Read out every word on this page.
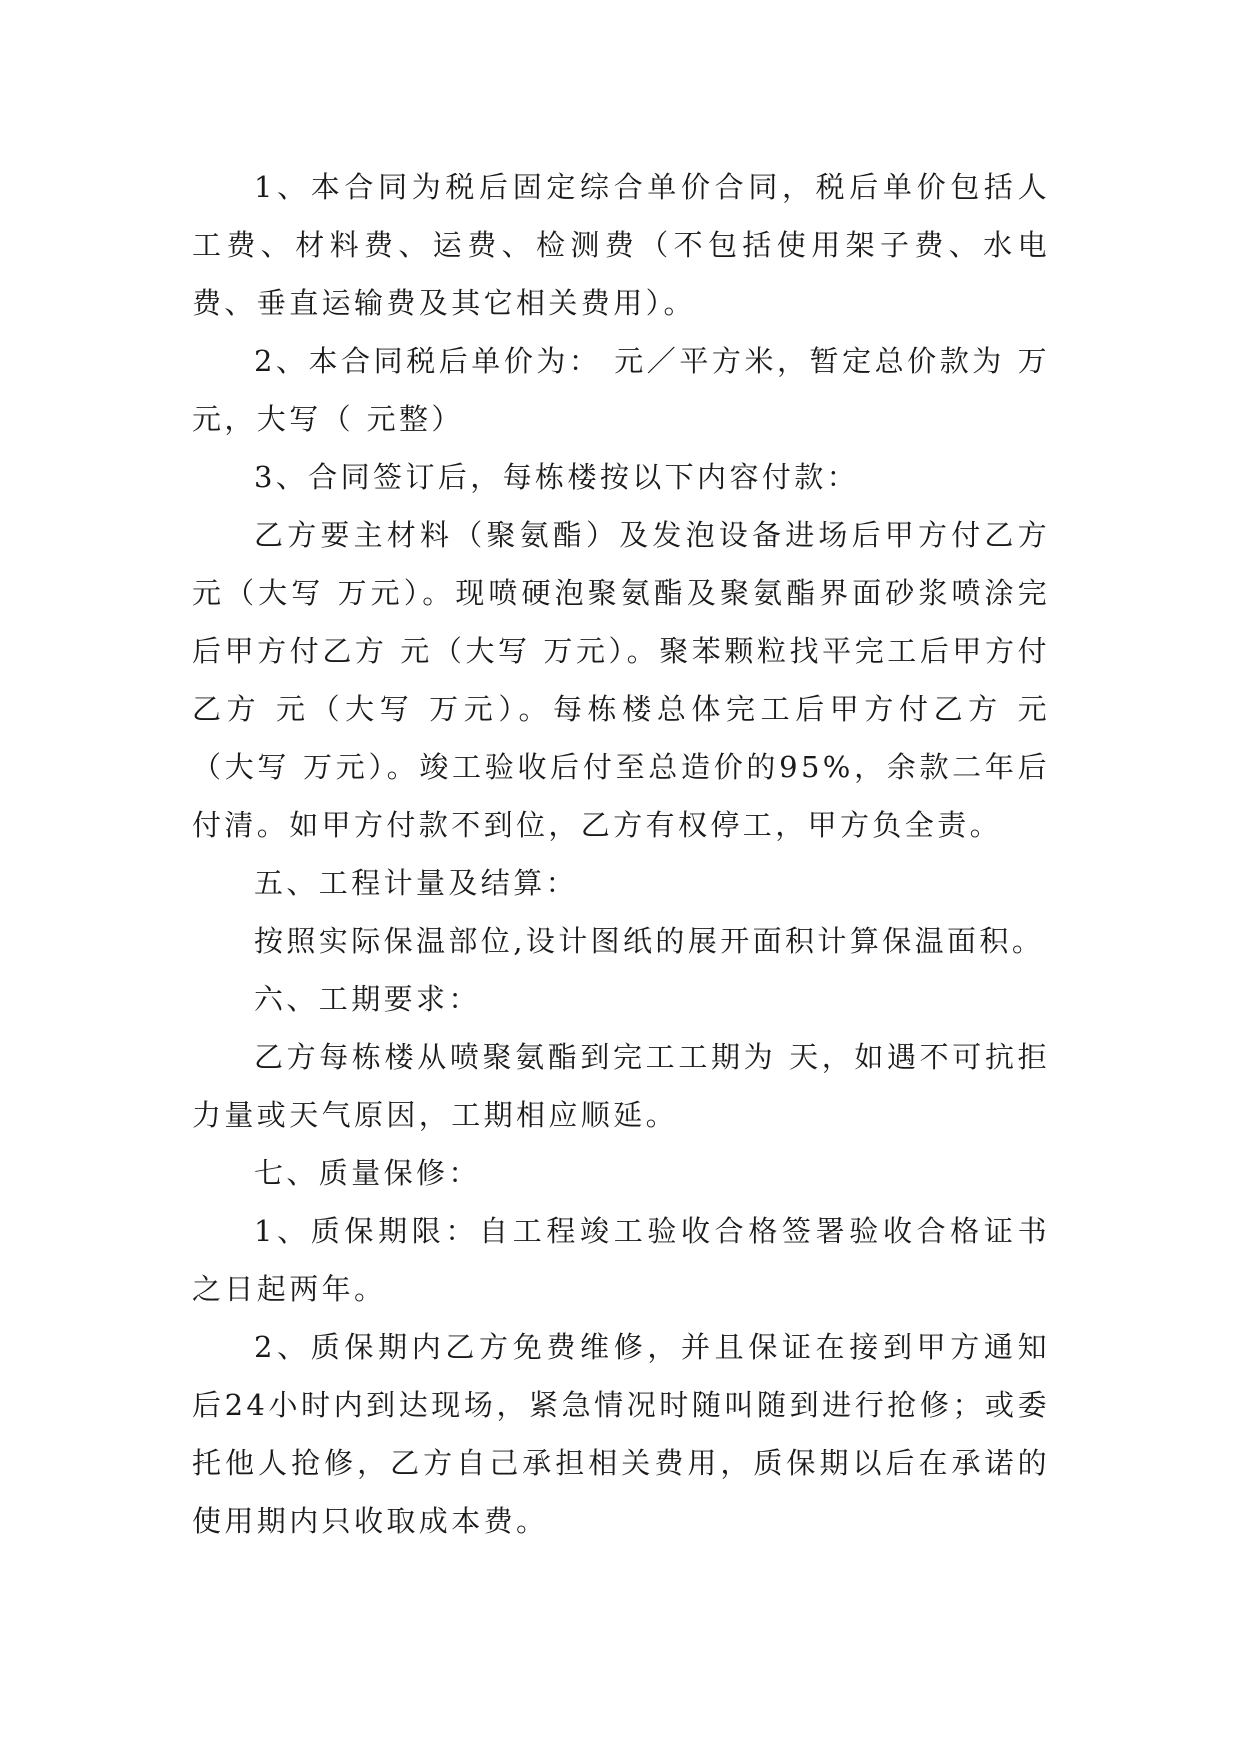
1、本合同为税后固定综合单价合同，税后单价包括人工费、材料费、运费、检测费（不包括使用架子费、水电费、垂直运输费及其它相关费用）。

2、本合同税后单价为： 元／平方米，暂定总价款为 万元，大写（ 元整）

3、合同签订后，每栋楼按以下内容付款：

乙方要主材料（聚氨酯）及发泡设备进场后甲方付乙方 元（大写 万元）。现喷硬泡聚氨酯及聚氨酯界面砂浆喷涂完后甲方付乙方 元（大写 万元）。聚苯颗粒找平完工后甲方付乙方 元（大写 万元）。每栋楼总体完工后甲方付乙方 元（大写 万元）。竣工验收后付至总造价的95%，余款二年后付清。如甲方付款不到位，乙方有权停工，甲方负全责。

五、工程计量及结算：

按照实际保温部位,设计图纸的展开面积计算保温面积。

六、工期要求：

乙方每栋楼从喷聚氨酯到完工工期为 天，如遇不可抗拒力量或天气原因，工期相应顺延。

七、质量保修：

1、质保期限：自工程竣工验收合格签署验收合格证书之日起两年。

2、质保期内乙方免费维修，并且保证在接到甲方通知后24小时内到达现场，紧急情况时随叫随到进行抢修；或委托他人抢修，乙方自己承担相关费用，质保期以后在承诺的使用期内只收取成本费。
